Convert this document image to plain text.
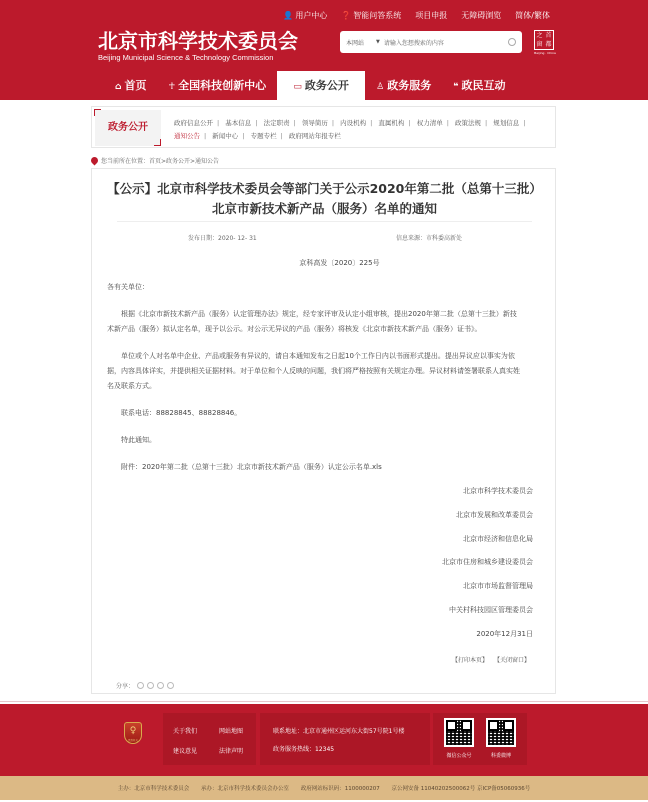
👤 用户中心 ❓ 智能问答系统 项目申报 无障碍浏览 简体/繁体
北京市科学技术委员会
Beijing Municipal Science & Technology Commission
本网站	▼ 请输入您想搜索的内容
之 首
窗 都
Beijing · China
⌂ 首页	☥ 全国科技创新中心	▭ 政务公开	♙ 政务服务	❝ 政民互动
政务公开	政府信息公开 | 基本信息 | 法定职责 | 领导简历 | 内设机构 | 直属机构 | 权力清单 | 政策法规 | 规划信息 |
通知公告 | 新闻中心 | 专题专栏 | 政府网站年报专栏
您当前所在位置：首页>政务公开>通知公告
【公示】北京市科学技术委员会等部门关于公示2020年第二批（总第十三批）北京市新技术新产品（服务）名单的通知
发布日期：2020- 12- 31	信息来源：市科委高新处
京科高发〔2020〕225号

各有关单位：

根据《北京市新技术新产品（服务）认定管理办法》规定，经专家评审及认定小组审核，提出2020年第二批（总第十三批）新技术新产品（服务）拟认定名单，现予以公示。对公示无异议的产品（服务）将核发《北京市新技术新产品（服务）证书》。

单位或个人对名单中企业、产品或服务有异议的，请自本通知发布之日起10个工作日内以书面形式提出。提出异议应以事实为依据，内容具体详实，并提供相关证据材料。对于单位和个人反映的问题，我们将严格按照有关规定办理。异议材料请签署联系人真实姓名及联系方式。

联系电话：88828845、88828846。

特此通知。

附件：2020年第二批（总第十三批）北京市新技术新产品（服务）认定公示名单.xls

北京市科学技术委员会
北京市发展和改革委员会
北京市经济和信息化局
北京市住房和城乡建设委员会
北京市市场监督管理局
中关村科技园区管理委员会
2020年12月31日
【打印本页】 【关闭窗口】
分享：
♀
党政机关
关于我们	网站地图
建议意见	法律声明
联系地址：北京市通州区运河东大街57号院1号楼
政务服务热线：12345
微信公众号	科委微博
主办：北京市科学技术委员会 承办：北京市科学技术委员会办公室 政府网站标识码：1100000207 京公网安备 11040202500062号 京ICP备05060936号
